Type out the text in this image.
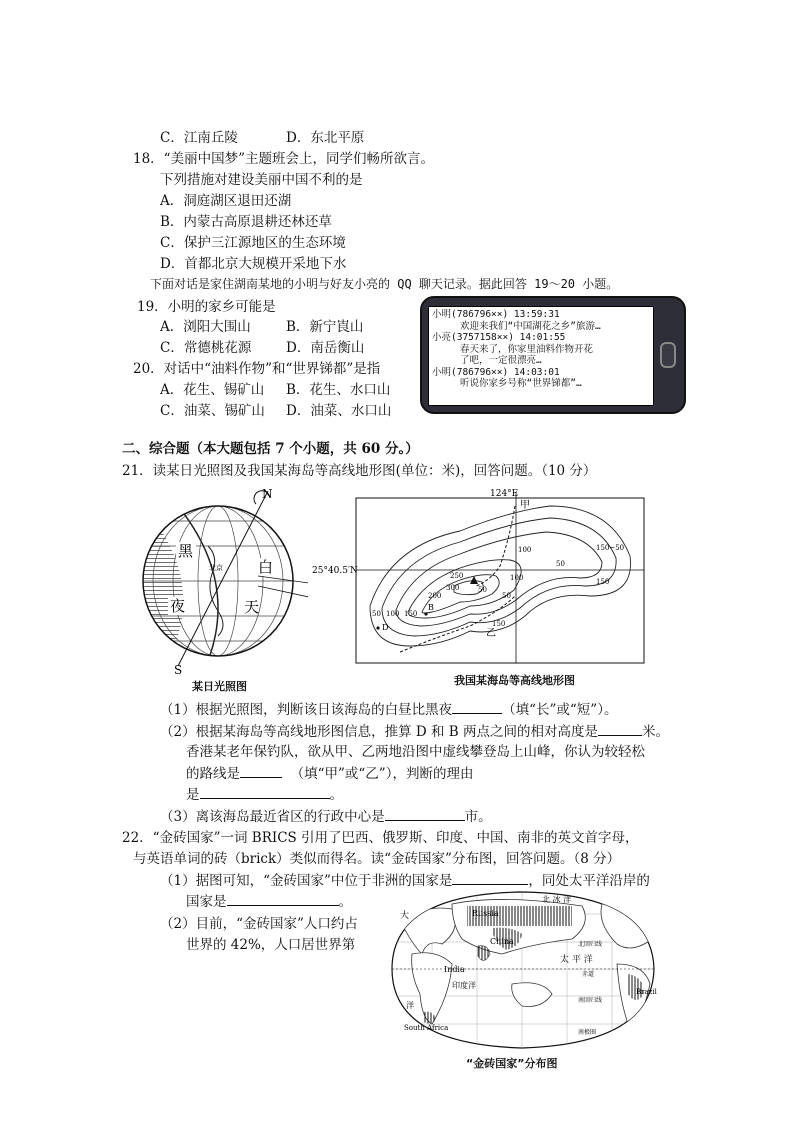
C．江南丘陵	D．东北平原
18．“美丽中国梦”主题班会上，同学们畅所欲言。
下列措施对建设美丽中国不利的是
A．洞庭湖区退田还湖
B．内蒙古高原退耕还林还草
C．保护三江源地区的生态环境
D．首都北京大规模开采地下水
下面对话是家住湖南某地的小明与好友小亮的 QQ 聊天记录。据此回答 19～20 小题。
19．小明的家乡可能是
A．浏阳大围山	B．新宁崀山
C．常德桃花源	D．南岳衡山
20．对话中“油料作物”和“世界锑都”是指
A．花生、锡矿山 B．花生、水口山
C．油菜、锡矿山 D．油菜、水口山
小明(786796××) 13:59:31
欢迎来我们“中国湖花之乡”旅游…
小亮(3757158××) 14:01:55
春天来了，你家里油料作物开花
了吧，一定很漂亮…
小明(786796××) 14:03:01
听说你家乡号称“世界锑都”…
二、综合题（本大题包括 7 个小题，共 60 分。）
21．读某日光照图及我国某海岛等高线地形图(单位：米)，回答问题。（10 分）
N
S
黑
夜
白
天
北京
某日光照图
124°E
25°40.5′N
甲
乙
B
D
50 100 150
200
250
300
150~50
100
50
150
50
100
150
50
我国某海岛等高线地形图
（1）根据光照图，判断该日该海岛的白昼比黑夜	（填“长”或“短”）。
（2）根据某海岛等高线地形图信息，推算 D 和 B 两点之间的相对高度是	米。
香港某老年保钓队，欲从甲、乙两地沿图中虚线攀登岛上山峰，你认为较轻松
的路线是	（填“甲”或“乙”），判断的理由
是	。
（3）离该海岛最近省区的行政中心是	市。
22．“金砖国家”一词 BRICS 引用了巴西、俄罗斯、印度、中国、南非的英文首字母，
与英语单词的砖（brick）类似而得名。读“金砖国家”分布图，回答问题。（8 分）
（1）据图可知，“金砖国家”中位于非洲的国家是	，同处太平洋沿岸的
国家是	。
（2）目前，“金砖国家”人口约占
世界的 42%，人口居世界第
Russia
China
India
Brazil
South Africa
北 冰 洋
太 平 洋
印度洋
洋
北回归线
赤道
南回归线
南极圈
大
“金砖国家”分布图
